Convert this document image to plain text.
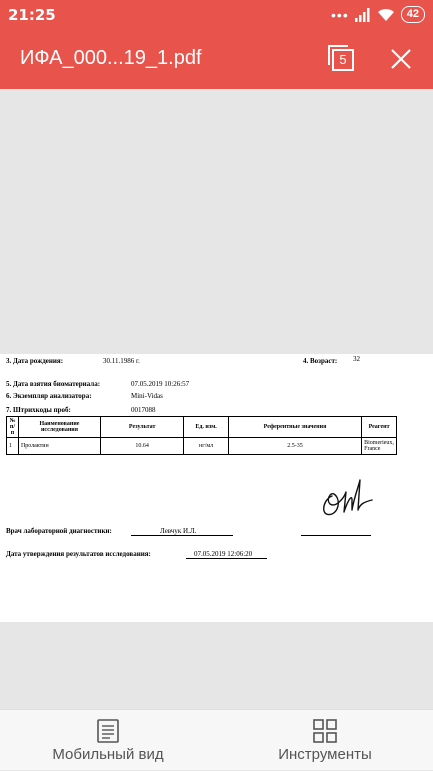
21:25	•••	42
ИФА_000...19_1.pdf	5
3. Дата рождения:	30.11.1986 г.	4. Возраст: 32
5. Дата взятия биоматериала:	07.05.2019 10:26:57
6. Экземпляр анализатора:	Mini-Vidas
7. Штрихкоды проб:	0017088
№ п/п	Наименование исследования	Результат	Ед. изм.	Референтные значения	Реагент
1	Пролактин	10.64	нг/мл	2.5-35	Biomerieux, France
Врач лабораторной диагностики:	Левчук И.Л.
Дата утверждения результатов исследования:	07.05.2019 12:06:20
Мобильный вид	Инструменты
